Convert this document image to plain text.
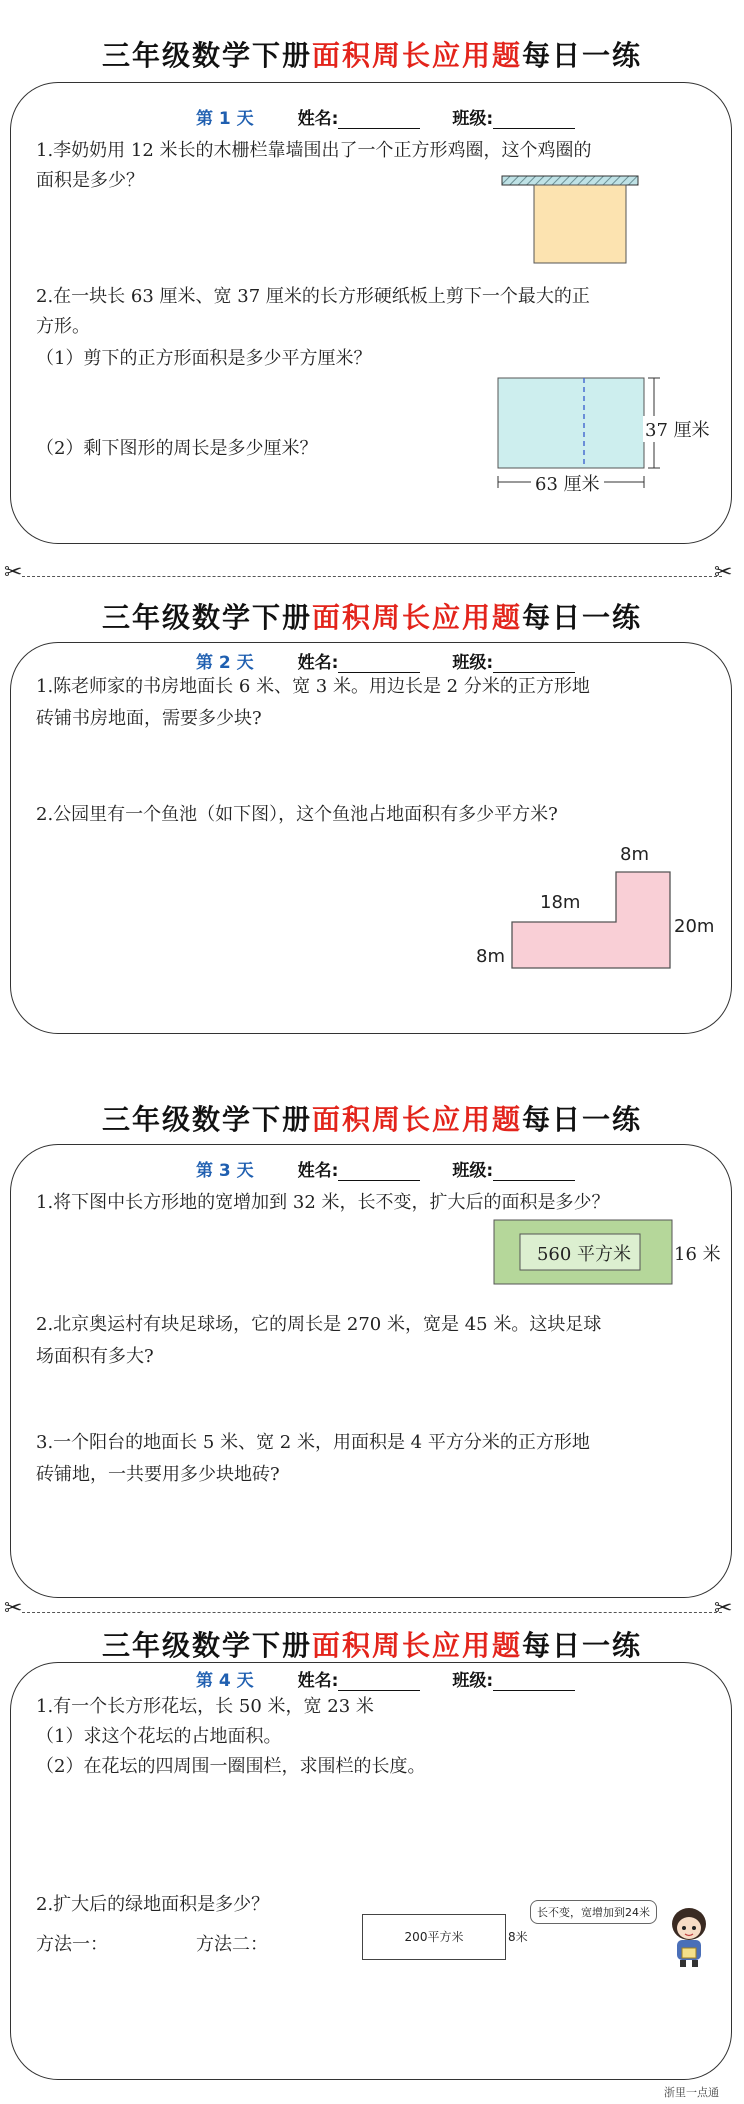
三年级数学下册面积周长应用题每日一练
第 1 天	姓名:	班级:
1.李奶奶用 12 米长的木栅栏靠墙围出了一个正方形鸡圈，这个鸡圈的
面积是多少？
2.在一块长 63 厘米、宽 37 厘米的长方形硬纸板上剪下一个最大的正
方形。
（1）剪下的正方形面积是多少平方厘米？
（2）剩下图形的周长是多少厘米？
37 厘米
63 厘米
✂	✂
三年级数学下册面积周长应用题每日一练
第 2 天	姓名:	班级:
1.陈老师家的书房地面长 6 米、宽 3 米。用边长是 2 分米的正方形地
砖铺书房地面，需要多少块?
2.公园里有一个鱼池（如下图），这个鱼池占地面积有多少平方米?
8m
20m
18m
8m
三年级数学下册面积周长应用题每日一练
第 3 天	姓名:	班级:
1.将下图中长方形地的宽增加到 32 米，长不变，扩大后的面积是多少？
560 平方米	16 米
2.北京奥运村有块足球场，它的周长是 270 米，宽是 45 米。这块足球
场面积有多大?
3.一个阳台的地面长 5 米、宽 2 米，用面积是 4 平方分米的正方形地
砖铺地，一共要用多少块地砖?
✂	✂
三年级数学下册面积周长应用题每日一练
第 4 天	姓名:	班级:
1.有一个长方形花坛，长 50 米，宽 23 米
（1）求这个花坛的占地面积。
（2）在花坛的四周围一圈围栏，求围栏的长度。
2.扩大后的绿地面积是多少？
方法一：	方法二：	200平方米	8米
长不变，宽增加到24米
浙里一点通
